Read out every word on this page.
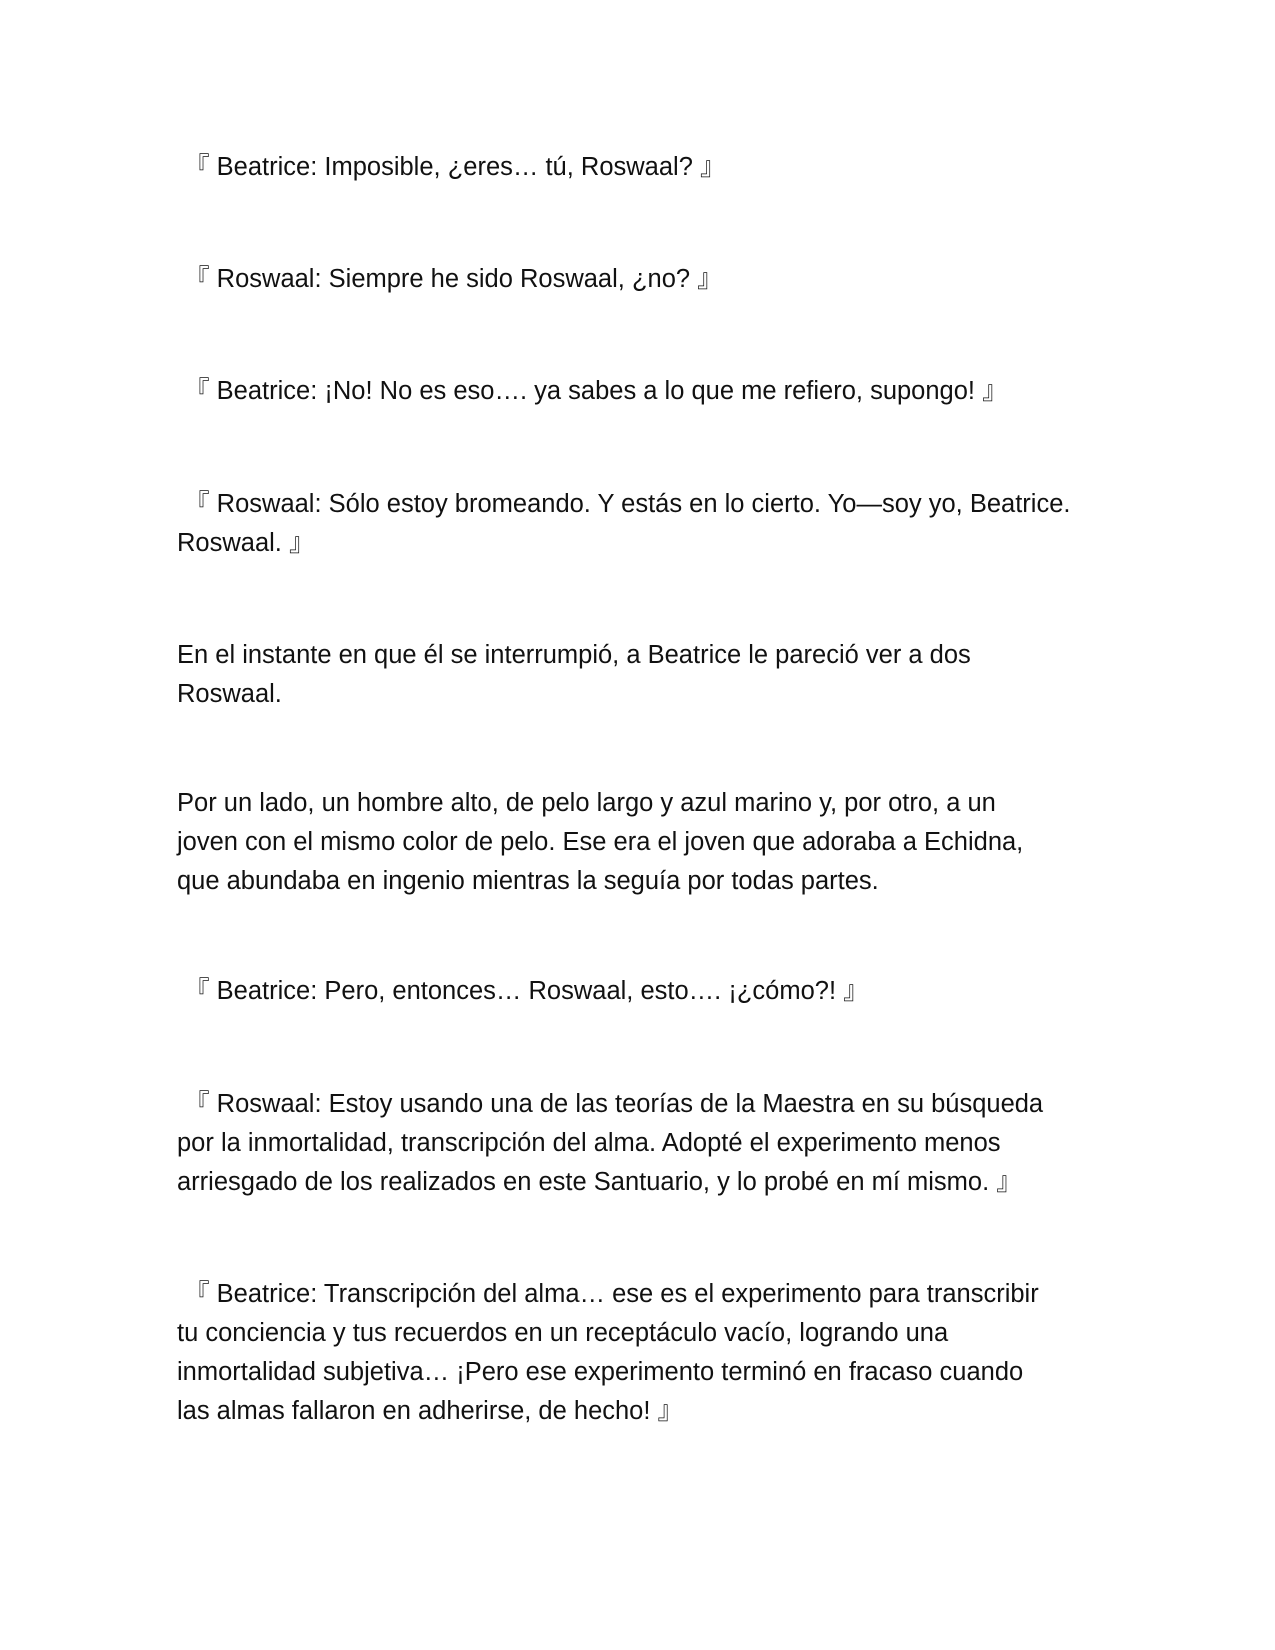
『 Beatrice: Imposible, ¿eres… tú, Roswaal? 』

『 Roswaal: Siempre he sido Roswaal, ¿no? 』

『 Beatrice: ¡No! No es eso…. ya sabes a lo que me refiero, supongo! 』

『 Roswaal: Sólo estoy bromeando. Y estás en lo cierto. Yo—soy yo, Beatrice.
Roswaal. 』

En el instante en que él se interrumpió, a Beatrice le pareció ver a dos
Roswaal.

Por un lado, un hombre alto, de pelo largo y azul marino y, por otro, a un
joven con el mismo color de pelo. Ese era el joven que adoraba a Echidna,
que abundaba en ingenio mientras la seguía por todas partes.

『 Beatrice: Pero, entonces… Roswaal, esto…. ¡¿cómo?! 』

『 Roswaal: Estoy usando una de las teorías de la Maestra en su búsqueda
por la inmortalidad, transcripción del alma. Adopté el experimento menos
arriesgado de los realizados en este Santuario, y lo probé en mí mismo. 』

『 Beatrice: Transcripción del alma… ese es el experimento para transcribir
tu conciencia y tus recuerdos en un receptáculo vacío, logrando una
inmortalidad subjetiva… ¡Pero ese experimento terminó en fracaso cuando
las almas fallaron en adherirse, de hecho! 』
